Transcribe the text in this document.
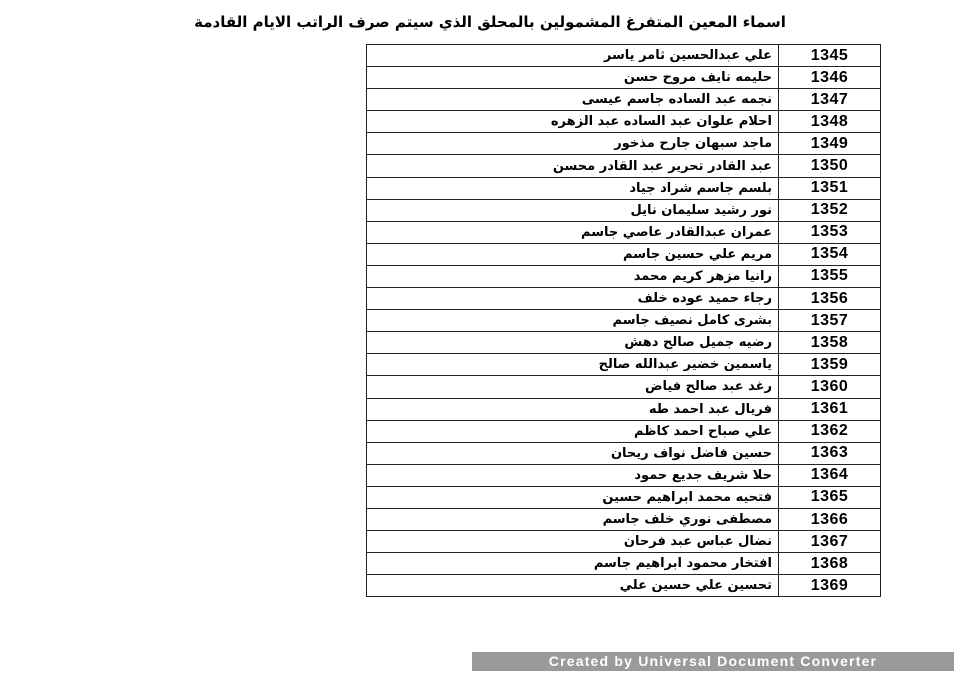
اسماء المعين المتفرغ المشمولين بالمحلق الذي سيتم صرف الراتب الايام القادمة
علي عبدالحسين ثامر ياسر	1345
حليمه نايف مروح حسن	1346
نجمه عبد الساده جاسم عيسى	1347
احلام علوان عبد الساده عبد الزهره	1348
ماجد سبهان جارح مذخور	1349
عبد القادر تحرير عبد القادر محسن	1350
بلسم جاسم شراد جياد	1351
نور رشيد سليمان نايل	1352
عمران عبدالقادر عاصي جاسم	1353
مريم علي حسين جاسم	1354
رانيا مزهر كريم محمد	1355
رجاء حميد عوده خلف	1356
بشرى كامل نصيف جاسم	1357
رضيه جميل صالح دهش	1358
ياسمين خضير عبدالله صالح	1359
رغد عبد صالح فياض	1360
فريال عبد احمد طه	1361
علي صباح احمد كاظم	1362
حسين فاضل نواف ريحان	1363
حلا شريف جديع حمود	1364
فتحيه محمد ابراهيم حسين	1365
مصطفى نوري خلف جاسم	1366
نضال عباس عبد فرحان	1367
افتخار محمود ابراهيم جاسم	1368
تحسين علي حسين علي	1369
Created by Universal Document Converter
